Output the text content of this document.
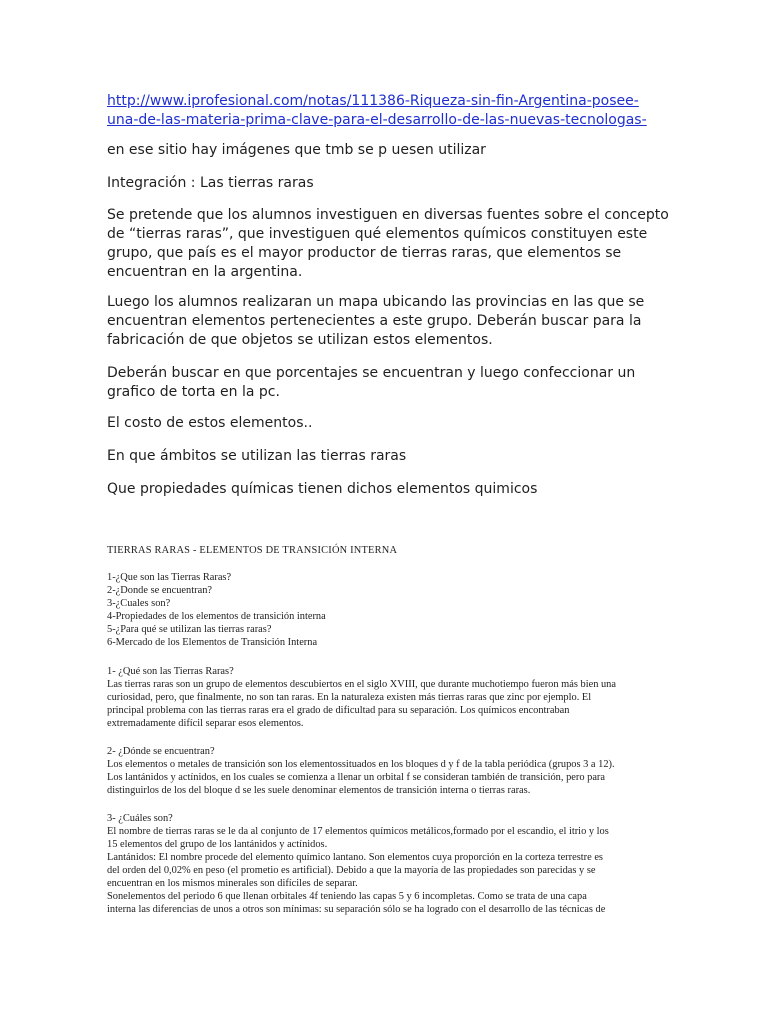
http://www.iprofesional.com/notas/111386-Riqueza-sin-fin-Argentina-posee-
una-de-las-materia-prima-clave-para-el-desarrollo-de-las-nuevas-tecnologas-

en ese sitio hay imágenes que tmb se p uesen utilizar

Integración : Las tierras raras

Se pretende que los alumnos investiguen en diversas fuentes sobre el concepto
de “tierras raras”, que investiguen qué elementos químicos constituyen este
grupo, que país es el mayor productor de tierras raras, que elementos se
encuentran en la argentina.

Luego los alumnos realizaran un mapa ubicando las provincias en las que se
encuentran elementos pertenecientes a este grupo. Deberán buscar para la
fabricación de que objetos se utilizan estos elementos.

Deberán buscar en que porcentajes se encuentran y luego confeccionar un
grafico de torta en la pc.

El costo de estos elementos..

En que ámbitos se utilizan las tierras raras

Que propiedades químicas tienen dichos elementos quimicos

TIERRAS RARAS - ELEMENTOS DE TRANSICIÓN INTERNA
1-¿Que son las Tierras Raras?
2-¿Donde se encuentran?
3-¿Cuales son?
4-Propiedades de los elementos de transición interna
5-¿Para qué se utilizan las tierras raras?
6-Mercado de los Elementos de Transición Interna
1- ¿Qué son las Tierras Raras?
Las tierras raras son un grupo de elementos descubiertos en el siglo XVIII, que durante muchotiempo fueron más bien una
curiosidad, pero, que finalmente, no son tan raras. En la naturaleza existen más tierras raras que zinc por ejemplo. El
principal problema con las tierras raras era el grado de dificultad para su separación. Los químicos encontraban
extremadamente difícil separar esos elementos.
2- ¿Dónde se encuentran?
Los elementos o metales de transición son los elementossituados en los bloques d y f de la tabla periódica (grupos 3 a 12).
Los lantánidos y actínidos, en los cuales se comienza a llenar un orbital f se consideran también de transición, pero para
distinguirlos de los del bloque d se les suele denominar elementos de transición interna o tierras raras.
3- ¿Cuáles son?
El nombre de tierras raras se le da al conjunto de 17 elementos químicos metálicos,formado por el escandio, el itrio y los
15 elementos del grupo de los lantánidos y actínidos.
Lantánidos: El nombre procede del elemento químico lantano. Son elementos cuya proporción en la corteza terrestre es
del orden del 0,02% en peso (el prometio es artificial). Debido a que la mayoría de las propiedades son parecidas y se
encuentran en los mismos minerales son difíciles de separar.
Sonelementos del periodo 6 que llenan orbitales 4f teniendo las capas 5 y 6 incompletas. Como se trata de una capa
interna las diferencias de unos a otros son mínimas: su separación sólo se ha logrado con el desarrollo de las técnicas de
